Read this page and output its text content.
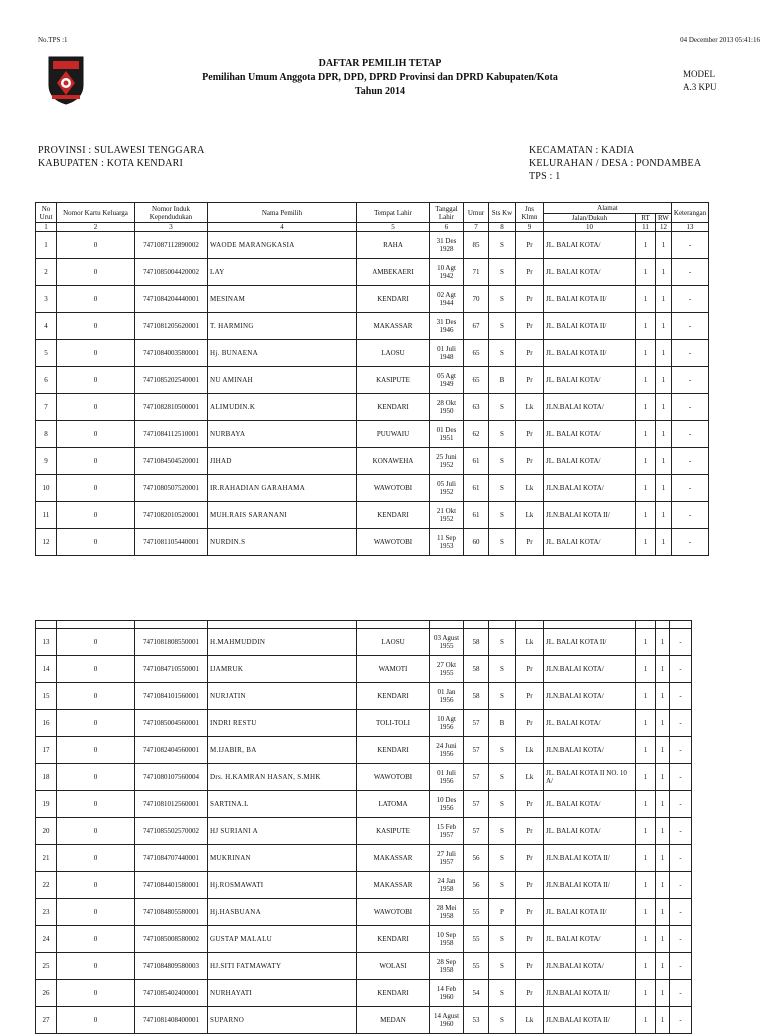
No.TPS :1	04 December 2013 05:41:16
DAFTAR PEMILIH TETAP
Pemilihan Umum Anggota DPR, DPD, DPRD Provinsi dan DPRD Kabupaten/Kota
Tahun 2014
MODEL
A.3 KPU
PROVINSI : SULAWESI TENGGARA
KABUPATEN : KOTA KENDARI
KECAMATAN : KADIA
KELURAHAN / DESA : PONDAMBEA
TPS : 1
No Urut	Nomor Kartu Keluarga	Nomor Induk Kependudukan	Nama Pemilih	Tempat Lahir	Tanggal Lahir	Umur	Sts Kw	Jns Klmn	Alamat			Keterangan
									Jalan/Dukuh	RT	RW	
1	2	3	4	5	6	7	8	9	10	11	12	13
1	0	7471087112890002	WAODE MARANGKASIA	RAHA	31 Des 1928	85	S	Pr	JL. BALAI KOTA/	1	1	-
2	0	7471085004420002	LAY	AMBEKAERI	10 Agt 1942	71	S	Pr	JL. BALAI KOTA/	1	1	-
3	0	7471084204440001	MESINAM	KENDARI	02 Agt 1944	70	S	Pr	JL. BALAI KOTA II/	1	1	-
4	0	7471081205620001	T. HARMING	MAKASSAR	31 Des 1946	67	S	Pr	JL. BALAI KOTA II/	1	1	-
5	0	7471084003580001	Hj. BUNAENA	LAOSU	01 Juli 1948	65	S	Pr	JL. BALAI KOTA II/	1	1	-
6	0	7471085202540001	NU AMINAH	KASIPUTE	05 Agt 1949	65	B	Pr	JL. BALAI KOTA/	1	1	-
7	0	7471082810500001	ALIMUDIN.K	KENDARI	28 Okt 1950	63	S	Lk	JLN.BALAI KOTA/	1	1	-
8	0	7471084112510001	NURBAYA	PUUWAIU	01 Des 1951	62	S	Pr	JL. BALAI KOTA/	1	1	-
9	0	7471084504520001	JIHAD	KONAWEHA	25 Juni 1952	61	S	Pr	JL. BALAI KOTA/	1	1	-
10	0	7471080507520001	IR.RAHADIAN GARAHAMA	WAWOTOBI	05 Juli 1952	61	S	Lk	JLN.BALAI KOTA/	1	1	-
11	0	7471082010520001	MUH.RAIS SARANANI	KENDARI	21 Okt 1952	61	S	Lk	JLN.BALAI KOTA II/	1	1	-
12	0	7471081105440001	NURDIN.S	WAWOTOBI	11 Sep 1953	60	S	Pr	JL. BALAI KOTA/	1	1	-

13	0	7471081808550001	H.MAHMUDDIN	LAOSU	03 Agust 1955	58	S	Lk	JL. BALAI KOTA II/	1	1	-
14	0	7471084710550001	IJAMRUK	WAMOTI	27 Okt 1955	58	S	Pr	JLN.BALAI KOTA/	1	1	-
15	0	7471084101560001	NURJATIN	KENDARI	01 Jan 1956	58	S	Pr	JLN.BALAI KOTA/	1	1	-
16	0	7471085004560001	INDRI RESTU	TOLI-TOLI	10 Agt 1956	57	B	Pr	JL. BALAI KOTA/	1	1	-
17	0	7471082404560001	M.IJABIR, BA	KENDARI	24 Juni 1956	57	S	Lk	JLN.BALAI KOTA/	1	1	-
18	0	7471080107560004	Drs. H.KAMRAN HASAN, S.MHK	WAWOTOBI	01 Juli 1956	57	S	Lk	JL. BALAI KOTA II NO. 10 A/	1	1	-
19	0	7471081012560001	SARTINA.L	LATOMA	10 Des 1956	57	S	Pr	JL. BALAI KOTA/	1	1	-
20	0	7471085502570002	HJ SURIANI A	KASIPUTE	15 Feb 1957	57	S	Pr	JL. BALAI KOTA/	1	1	-
21	0	7471084707440001	MUKRINAN	MAKASSAR	27 Juli 1957	56	S	Pr	JLN.BALAI KOTA II/	1	1	-
22	0	7471084401580001	Hj.ROSMAWATI	MAKASSAR	24 Jan 1958	56	S	Pr	JLN.BALAI KOTA II/	1	1	-
23	0	7471084805580001	Hj.HASBUANA	WAWOTOBI	28 Mei 1958	55	P	Pr	JL. BALAI KOTA II/	1	1	-
24	0	7471085008580002	GUSTAP MALALU	KENDARI	10 Sep 1958	55	S	Pr	JL. BALAI KOTA/	1	1	-
25	0	7471084809580003	HJ.SITI FATMAWATY	WOLASI	28 Sep 1958	55	S	Pr	JLN.BALAI KOTA/	1	1	-
26	0	7471085402400001	NURHAYATI	KENDARI	14 Feb 1960	54	S	Pr	JLN.BALAI KOTA II/	1	1	-
27	0	7471081408400001	SUPARNO	MEDAN	14 Agust 1960	53	S	Lk	JLN.BALAI KOTA II/	1	1	-
